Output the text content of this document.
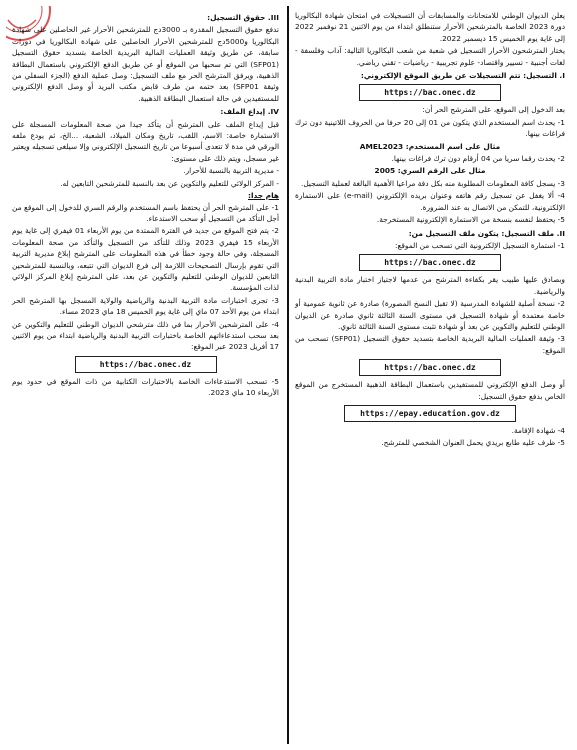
يعلن الديوان الوطني للامتحانات والمسابقات أن التسجيلات في امتحان شهادة البكالوريا دورة 2023 الخاصة بالمترشحين الأحرار ستنطلق ابتداء من يوم الاثنين 21 نوفمبر 2022 إلى غاية يوم الخميس 15 ديسمبر 2022.

يختار المترشحون الأحرار التسجيل في شعبة من شعب البكالوريا التالية: آداب وفلسفة - لغات أجنبية - تسيير واقتصاد- علوم تجريبية - رياضيات - تقني رياضي.

I. التسجيل: تتم التسجيلات عن طريق الموقع الإلكتروني:
https://bac.onec.dz

بعد الدخول إلى الموقع، على المترشح الحر أن:

1- يحدث اسم المستخدم الذي يتكون من 01 إلى 20 حرفا من الحروف اللاتينية دون ترك فراغات بينها.

مثال على اسم المستخدم: AMEL2023

2- يحدث رقما سريا من 04 أرقام دون ترك فراغات بينها.

مثال على الرقم السري: 2005

3- يسجل كافة المعلومات المطلوبة منه بكل دقة مراعيا الأهمية البالغة لعملية التسجيل.

4- ألا يغفل عن تسجيل رقم هاتفه وعنوان بريده الإلكتروني (e-mail) على الاستمارة الإلكترونية، للتمكن من الاتصال به عند الضرورة.

5- يحتفظ لنفسه بنسخة من الاستمارة الإلكترونية المستخرجة.

II. ملف التسجيل: يتكون ملف التسجيل من:

1- استمارة التسجيل الإلكترونية التي تسحب من الموقع:

https://bac.onec.dz

وبصادق عليها طبيب يقر بكفاءة المترشح من عدمها لاجتياز اختبار مادة التربية البدنية والرياضية.

2- نسخة أصلية للشهادة المدرسية (لا تقبل النسخ المصورة) صادرة عن ثانوية عمومية أو خاصة معتمدة أو شهادة التسجيل في مستوى السنة الثالثة ثانوي صادرة عن الديوان الوطني للتعليم والتكوين عن بعد أو شهادة تثبت مستوى السنة الثالثة ثانوي.

3- وثيقة العمليات المالية البريدية الخاصة بتسديد حقوق التسجيل (SFP01) تسحب من الموقع:

https://bac.onec.dz

أو وصل الدفع الإلكتروني للمستفيدين باستعمال البطاقة الذهبية المستخرج من الموقع الخاص بدفع حقوق التسجيل:

https://epay.education.gov.dz

4- شهادة الإقامة.

5- ظرف عليه طابع بريدي يحمل العنوان الشخصي للمترشح.

III. حقوق التسجيل:

تدفع حقوق التسجيل المقدرة بـ 3000دج للمترشحين الأحرار غير الحاصلين على شهادة البكالوريا و5000دج للمترشحين الأحرار الحاصلين على شهادة البكالوريا في دورات سابقة، عن طريق وثيقة العمليات المالية البريدية الخاصة بتسديد حقوق التسجيل (SFP01) التي تم سحبها من الموقع أو عن طريق الدفع الإلكتروني باستعمال البطاقة الذهبية، ويرفق المترشح الحر مع ملف التسجيل: وصل عملية الدفع (الجزء السفلي من وثيقة SFP01) بعد ختمه من طرف قابض مكتب البريد أو وصل الدفع الإلكتروني للمستفيدين في حالة استعمال البطاقة الذهبية.

IV. إيداع الملف:

قبل إيداع الملف على المترشح أن يتأكد جيدا من صحة المعلومات المسجلة على الاستمارة خاصة: الاسم، اللقب، تاريخ ومكان الميلاد، الشعبة، ...الخ، ثم يودع ملفه الورقي في مدة لا تتعدى أسبوعا من تاريخ التسجيل الإلكتروني وإلا سيلغى تسجيله ويعتبر غير مسجل، ويتم ذلك على مستوى:

- مديرية التربية بالنسبة للأحرار.

- المركز الولائي للتعليم والتكوين عن بعد بالنسبة للمترشحين التابعين له.

هام جدا:

1- على المترشح الحر أن يحتفظ باسم المستخدم والرقم السري للدخول إلى الموقع من أجل التأكد من التسجيل أو سحب الاستدعاء.

2- يتم فتح الموقع من جديد في الفترة الممتدة من يوم الأربعاء 01 فيفري إلى غاية يوم الأربعاء 15 فيفري 2023 وذلك للتأكد من التسجيل والتأكد من صحة المعلومات المسجلة، وفي حالة وجود خطأ في هذه المعلومات على المترشح إبلاغ مديرية التربية التي تقوم بإرسال التصحيحات اللازمة إلى فرع الديوان التي تتبعه، وبالنسبة للمترشحين التابعين للديوان الوطني للتعليم والتكوين عن بعد، على المترشح إبلاغ المركز الولائي لذات المؤسسة.

3- تجرى اختبارات مادة التربية البدنية والرياضية والولاية المسجل بها المترشح الحر ابتداء من يوم الأحد 07 ماي إلى غاية يوم الخميس 18 ماي 2023 مساء.

4- على المترشحين الأحرار بما في ذلك مترشحي الديوان الوطني للتعليم والتكوين عن بعد سحب استدعاءاتهم الخاصة باختبارات التربية البدنية والرياضية ابتداء من يوم الاثنين 17 أفريل 2023 عبر الموقع:

https://bac.onec.dz

5- تسحب الاستدعاءات الخاصة بالاختبارات الكتابية من ذات الموقع في حدود يوم الأربعاء 10 ماي 2023.
